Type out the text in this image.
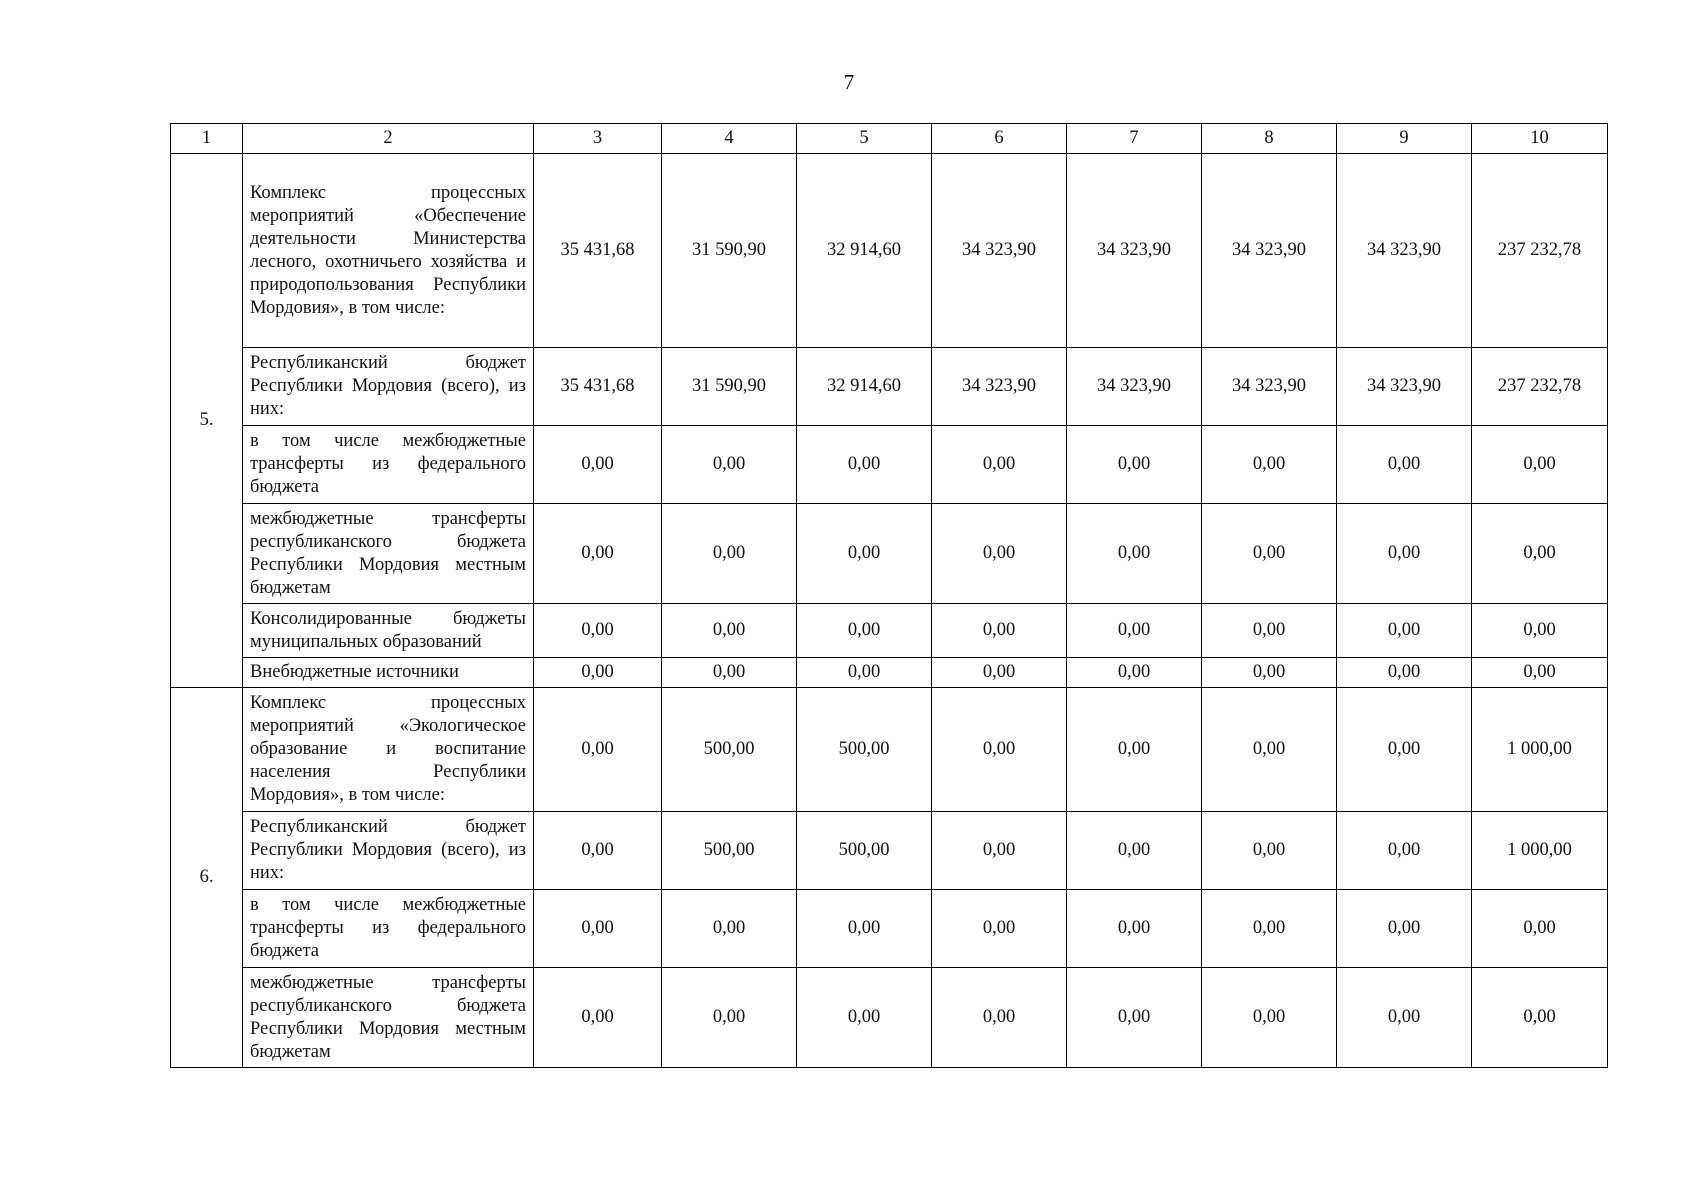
7
1	2	3	4	5	6	7	8	9	10
5.	Комплекс процессных мероприятий «Обеспечение деятельности Министерства лесного, охотничьего хозяйства и природопользования Республики Мордовия», в том числе:	35 431,68	31 590,90	32 914,60	34 323,90	34 323,90	34 323,90	34 323,90	237 232,78
	Республиканский бюджет Республики Мордовия (всего), из них:	35 431,68	31 590,90	32 914,60	34 323,90	34 323,90	34 323,90	34 323,90	237 232,78
	в том числе межбюджетные трансферты из федерального бюджета	0,00	0,00	0,00	0,00	0,00	0,00	0,00	0,00
	межбюджетные трансферты республиканского бюджета Республики Мордовия местным бюджетам	0,00	0,00	0,00	0,00	0,00	0,00	0,00	0,00
	Консолидированные бюджеты муниципальных образований	0,00	0,00	0,00	0,00	0,00	0,00	0,00	0,00
	Внебюджетные источники	0,00	0,00	0,00	0,00	0,00	0,00	0,00	0,00
6.	Комплекс процессных мероприятий «Экологическое образование и воспитание населения Республики Мордовия», в том числе:	0,00	500,00	500,00	0,00	0,00	0,00	0,00	1 000,00
	Республиканский бюджет Республики Мордовия (всего), из них:	0,00	500,00	500,00	0,00	0,00	0,00	0,00	1 000,00
	в том числе межбюджетные трансферты из федерального бюджета	0,00	0,00	0,00	0,00	0,00	0,00	0,00	0,00
	межбюджетные трансферты республиканского бюджета Республики Мордовия местным бюджетам	0,00	0,00	0,00	0,00	0,00	0,00	0,00	0,00
